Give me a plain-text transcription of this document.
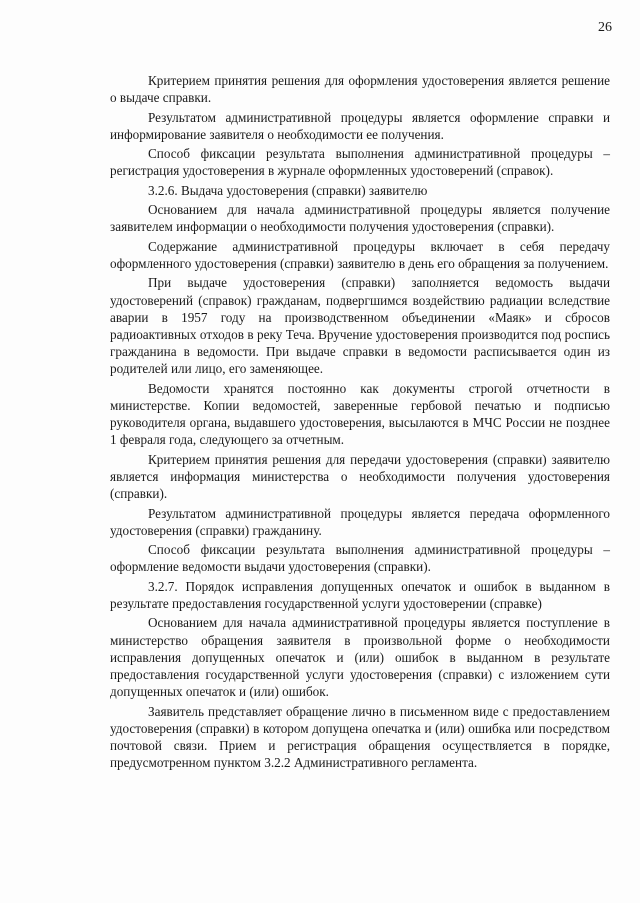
26

Критерием принятия решения для оформления удостоверения является решение о выдаче справки.

Результатом административной процедуры является оформление справки и информирование заявителя о необходимости ее получения.

Способ фиксации результата выполнения административной процедуры – регистрация удостоверения в журнале оформленных удостоверений (справок).

3.2.6. Выдача удостоверения (справки) заявителю

Основанием для начала административной процедуры является получение заявителем информации о необходимости получения удостоверения (справки).

Содержание административной процедуры включает в себя передачу оформленного удостоверения (справки) заявителю в день его обращения за получением.

При выдаче удостоверения (справки) заполняется ведомость выдачи удостоверений (справок) гражданам, подвергшимся воздействию радиации вследствие аварии в 1957 году на производственном объединении «Маяк» и сбросов радиоактивных отходов в реку Теча. Вручение удостоверения производится под роспись гражданина в ведомости. При выдаче справки в ведомости расписывается один из родителей или лицо, его заменяющее.

Ведомости хранятся постоянно как документы строгой отчетности в министерстве. Копии ведомостей, заверенные гербовой печатью и подписью руководителя органа, выдавшего удостоверения, высылаются в МЧС России не позднее 1 февраля года, следующего за отчетным.

Критерием принятия решения для передачи удостоверения (справки) заявителю является информация министерства о необходимости получения удостоверения (справки).

Результатом административной процедуры является передача оформленного удостоверения (справки) гражданину.

Способ фиксации результата выполнения административной процедуры – оформление ведомости выдачи удостоверения (справки).

3.2.7. Порядок исправления допущенных опечаток и ошибок в выданном в результате предоставления государственной услуги удостоверении (справке)

Основанием для начала административной процедуры является поступление в министерство обращения заявителя в произвольной форме о необходимости исправления допущенных опечаток и (или) ошибок в выданном в результате предоставления государственной услуги удостоверения (справки) с изложением сути допущенных опечаток и (или) ошибок.

Заявитель представляет обращение лично в письменном виде с предоставлением удостоверения (справки) в котором допущена опечатка и (или) ошибка или посредством почтовой связи. Прием и регистрация обращения осуществляется в порядке, предусмотренном пунктом 3.2.2 Административного регламента.
